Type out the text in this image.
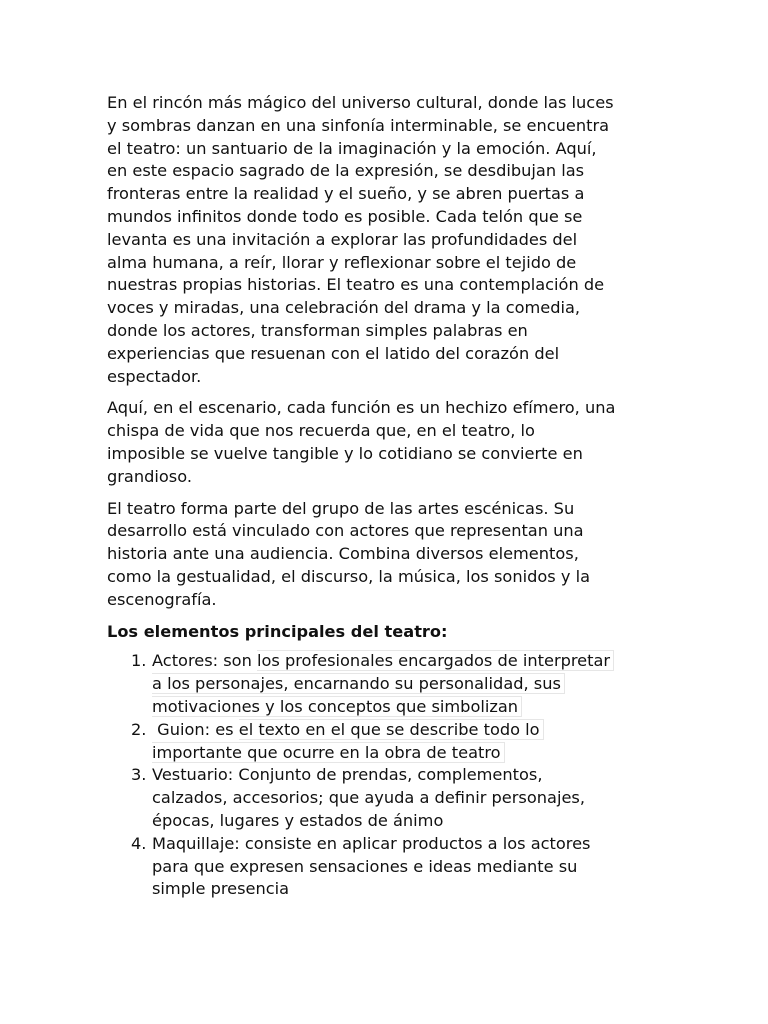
En el rincón más mágico del universo cultural, donde las luces
y sombras danzan en una sinfonía interminable, se encuentra
el teatro: un santuario de la imaginación y la emoción. Aquí,
en este espacio sagrado de la expresión, se desdibujan las
fronteras entre la realidad y el sueño, y se abren puertas a
mundos infinitos donde todo es posible. Cada telón que se
levanta es una invitación a explorar las profundidades del
alma humana, a reír, llorar y reflexionar sobre el tejido de
nuestras propias historias. El teatro es una contemplación de
voces y miradas, una celebración del drama y la comedia,
donde los actores, transforman simples palabras en
experiencias que resuenan con el latido del corazón del
espectador.

Aquí, en el escenario, cada función es un hechizo efímero, una
chispa de vida que nos recuerda que, en el teatro, lo
imposible se vuelve tangible y lo cotidiano se convierte en
grandioso.

El teatro forma parte del grupo de las artes escénicas. Su
desarrollo está vinculado con actores que representan una
historia ante una audiencia. Combina diversos elementos,
como la gestualidad, el discurso, la música, los sonidos y la
escenografía.

Los elementos principales del teatro:
1. Actores: son los profesionales encargados de interpretar
a los personajes, encarnando su personalidad, sus
motivaciones y los conceptos que simbolizan
2. Guion: es el texto en el que se describe todo lo
importante que ocurre en la obra de teatro
3. Vestuario: Conjunto de prendas, complementos,
calzados, accesorios; que ayuda a definir personajes,
épocas, lugares y estados de ánimo
4. Maquillaje: consiste en aplicar productos a los actores
para que expresen sensaciones e ideas mediante su
simple presencia
